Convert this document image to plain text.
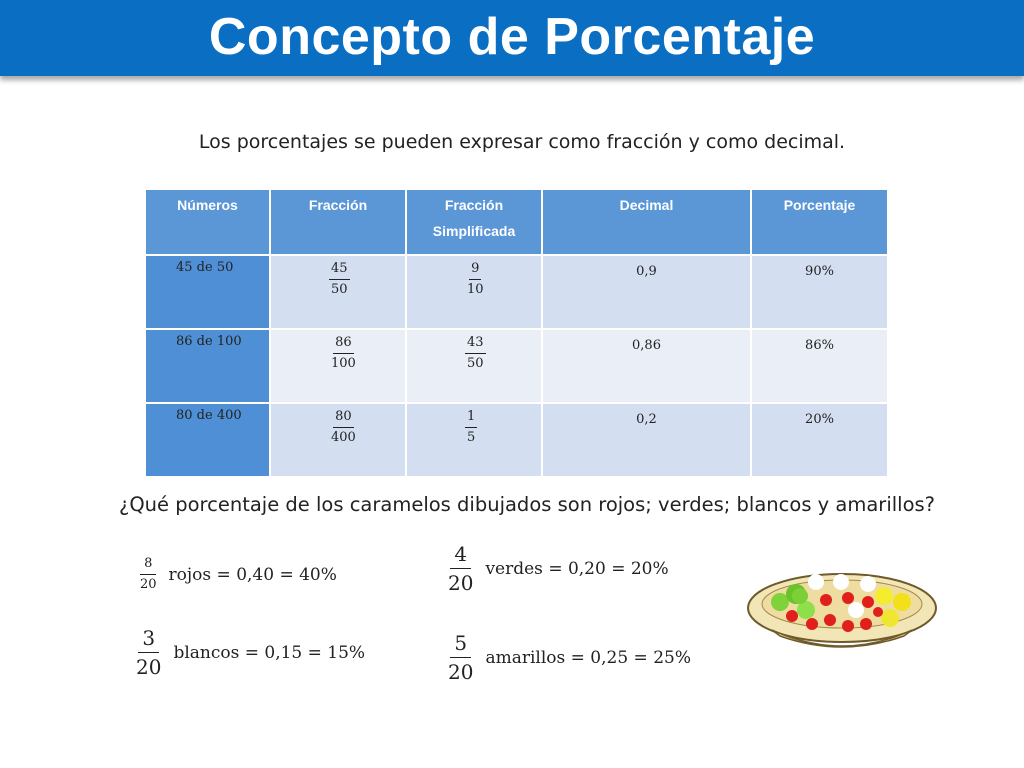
Concepto de Porcentaje
Los porcentajes se pueden expresar como fracción y como decimal.
Números	Fracción	Fracción Simplificada	Decimal	Porcentaje
45 de 50	$\frac{45}{50}$	$\frac{9}{10}$	0,9	90%
86 de 100	$\frac{86}{100}$	$\frac{43}{50}$	0,86	86%
80 de 400	$\frac{80}{400}$	$\frac{1}{5}$	0,2	20%
¿Qué porcentaje de los caramelos dibujados son rojos; verdes; blancos y amarillos?
$\frac{8}{20}$ rojos = 0,40 = 40%	$\frac{4}{20}$ verdes = 0,20 = 20%
$\frac{3}{20}$ blancos = 0,15 = 15%	$\frac{5}{20}$ amarillos = 0,25 = 25%
